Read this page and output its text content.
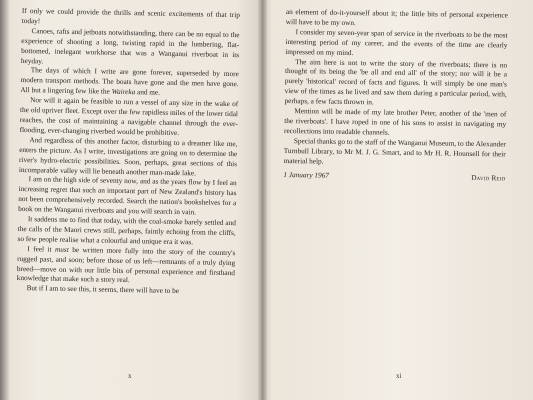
If only we could provide the thrills and scenic excitements of that trip today!

Canoes, rafts and jetboats notwithstanding, there can be no equal to the experience of shooting a long, twisting rapid in the lumbering, flat-bottomed, inelegant workhorse that was a Wanganui riverboat in its heyday.

The days of which I write are gone forever, superseded by more modern transport methods. The boats have gone and the men have gone. All but a lingering few like the Waireka and me.

Nor will it again be feasible to run a vessel of any size in the wake of the old upriver fleet. Except over the few rapidless miles of the lower tidal reaches, the cost of maintaining a navigable channel through the ever-flooding, ever-changing riverbed would be prohibitive.

And regardless of this another factor, disturbing to a dreamer like me, enters the picture. As I write, investigations are going on to determine the river's hydro-electric possibilities. Soon, perhaps, great sections of this incomparable valley will lie beneath another man-made lake.

I am on the high side of seventy now, and as the years flow by I feel an increasing regret that such an important part of New Zealand's history has not been comprehensively recorded. Search the nation's bookshelves for a book on the Wanganui riverboats and you will search in vain.

It saddens me to find that today, with the coal-smoke barely settled and the calls of the Maori crews still, perhaps, faintly echoing from the cliffs, so few people realise what a colourful and unique era it was.

I feel it must be written more fully into the story of the country's rugged past, and soon; before those of us left—remnants of a truly dying breed—move on with our little bits of personal experience and firsthand knowledge that make such a story real.

But if I am to see this, it seems, there will have to be

x

an element of do-it-yourself about it; the little bits of personal experience will have to be my own.

I consider my seven-year span of service in the riverboats to be the most interesting period of my career, and the events of the time are clearly impressed on my mind.

The aim here is not to write the story of the riverboats; there is no thought of its being the 'be all and end all' of the story; nor will it be a purely 'historical' record of facts and figures. It will simply be one man's view of the times as he lived and saw them during a particular period, with, perhaps, a few facts thrown in.

Mention will be made of my late brother Peter, another of the 'men of the riverboats'. I have roped in one of his sons to assist in navigating my recollections into readable channels.

Special thanks go to the staff of the Wanganui Museum, to the Alexander Turnbull Library, to Mr M. J. G. Smart, and to Mr H. R. Hounsell for their material help.

1 January 1967	David Reid
xi
